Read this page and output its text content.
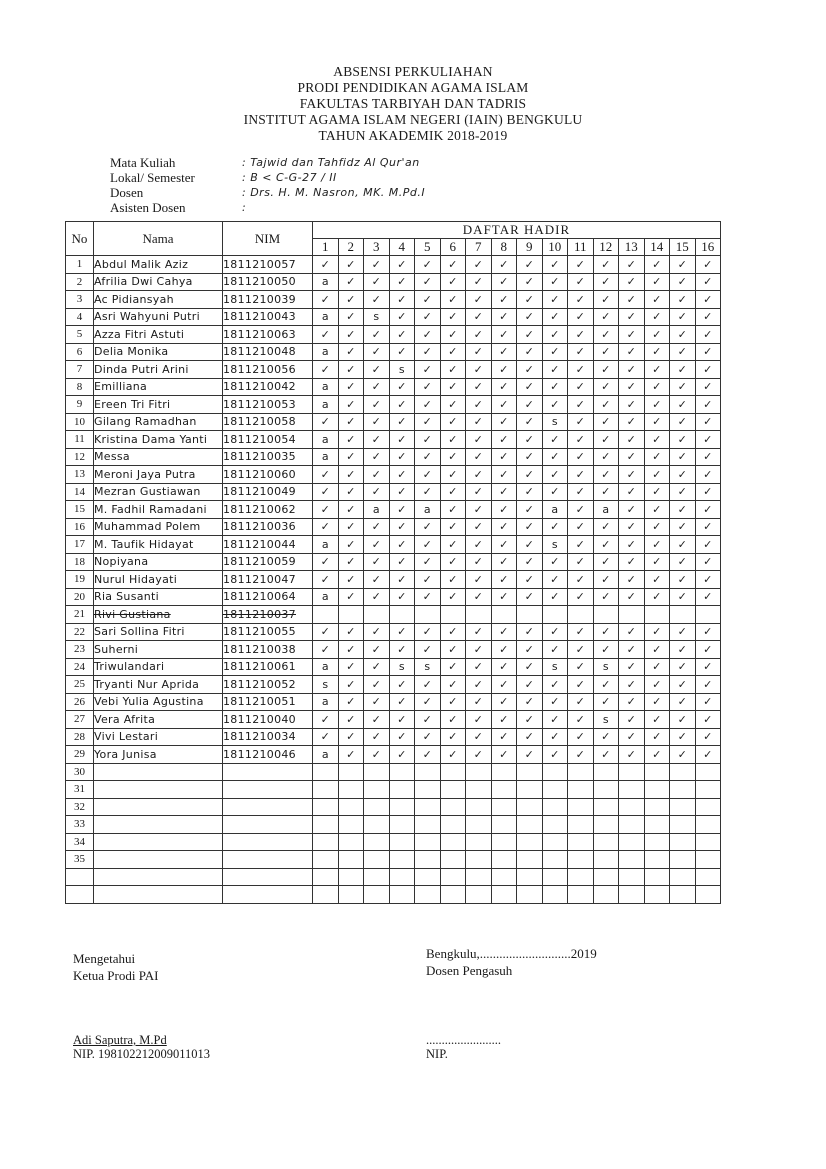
ABSENSI PERKULIAHAN
PRODI PENDIDIKAN AGAMA ISLAM
FAKULTAS TARBIYAH DAN TADRIS
INSTITUT AGAMA ISLAM NEGERI (IAIN) BENGKULU
TAHUN AKADEMIK 2018-2019
Mata Kuliah	: Tajwid dan Tahfidz Al Qur'an
Lokal/ Semester	: B < C-G-27 / II
Dosen	: Drs. H. M. Nasron, MK. M.Pd.I
Asisten Dosen	:
No	Nama	NIM	DAFTAR HADIR															
			1	2	3	4	5	6	7	8	9	10	11	12	13	14	15	16
1	Abdul Malik Aziz	1811210057	✓	✓	✓	✓	✓	✓	✓	✓	✓	✓	✓	✓	✓	✓	✓	✓
2	Afrilia Dwi Cahya	1811210050	a	✓	✓	✓	✓	✓	✓	✓	✓	✓	✓	✓	✓	✓	✓	✓
3	Ac Pidiansyah	1811210039	✓	✓	✓	✓	✓	✓	✓	✓	✓	✓	✓	✓	✓	✓	✓	✓
4	Asri Wahyuni Putri	1811210043	a	✓	s	✓	✓	✓	✓	✓	✓	✓	✓	✓	✓	✓	✓	✓
5	Azza Fitri Astuti	1811210063	✓	✓	✓	✓	✓	✓	✓	✓	✓	✓	✓	✓	✓	✓	✓	✓
6	Delia Monika	1811210048	a	✓	✓	✓	✓	✓	✓	✓	✓	✓	✓	✓	✓	✓	✓	✓
7	Dinda Putri Arini	1811210056	✓	✓	✓	s	✓	✓	✓	✓	✓	✓	✓	✓	✓	✓	✓	✓
8	Emilliana	1811210042	a	✓	✓	✓	✓	✓	✓	✓	✓	✓	✓	✓	✓	✓	✓	✓
9	Ereen Tri Fitri	1811210053	a	✓	✓	✓	✓	✓	✓	✓	✓	✓	✓	✓	✓	✓	✓	✓
10	Gilang Ramadhan	1811210058	✓	✓	✓	✓	✓	✓	✓	✓	✓	s	✓	✓	✓	✓	✓	✓
11	Kristina Dama Yanti	1811210054	a	✓	✓	✓	✓	✓	✓	✓	✓	✓	✓	✓	✓	✓	✓	✓
12	Messa	1811210035	a	✓	✓	✓	✓	✓	✓	✓	✓	✓	✓	✓	✓	✓	✓	✓
13	Meroni Jaya Putra	1811210060	✓	✓	✓	✓	✓	✓	✓	✓	✓	✓	✓	✓	✓	✓	✓	✓
14	Mezran Gustiawan	1811210049	✓	✓	✓	✓	✓	✓	✓	✓	✓	✓	✓	✓	✓	✓	✓	✓
15	M. Fadhil Ramadani	1811210062	✓	✓	a	✓	a	✓	✓	✓	✓	a	✓	a	✓	✓	✓	✓
16	Muhammad Polem	1811210036	✓	✓	✓	✓	✓	✓	✓	✓	✓	✓	✓	✓	✓	✓	✓	✓
17	M. Taufik Hidayat	1811210044	a	✓	✓	✓	✓	✓	✓	✓	✓	s	✓	✓	✓	✓	✓	✓
18	Nopiyana	1811210059	✓	✓	✓	✓	✓	✓	✓	✓	✓	✓	✓	✓	✓	✓	✓	✓
19	Nurul Hidayati	1811210047	✓	✓	✓	✓	✓	✓	✓	✓	✓	✓	✓	✓	✓	✓	✓	✓
20	Ria Susanti	1811210064	a	✓	✓	✓	✓	✓	✓	✓	✓	✓	✓	✓	✓	✓	✓	✓
21	Rivi Gustiana	1811210037																
22	Sari Sollina Fitri	1811210055	✓	✓	✓	✓	✓	✓	✓	✓	✓	✓	✓	✓	✓	✓	✓	✓
23	Suherni	1811210038	✓	✓	✓	✓	✓	✓	✓	✓	✓	✓	✓	✓	✓	✓	✓	✓
24	Triwulandari	1811210061	a	✓	✓	s	s	✓	✓	✓	✓	s	✓	s	✓	✓	✓	✓
25	Tryanti Nur Aprida	1811210052	s	✓	✓	✓	✓	✓	✓	✓	✓	✓	✓	✓	✓	✓	✓	✓
26	Vebi Yulia Agustina	1811210051	a	✓	✓	✓	✓	✓	✓	✓	✓	✓	✓	✓	✓	✓	✓	✓
27	Vera Afrita	1811210040	✓	✓	✓	✓	✓	✓	✓	✓	✓	✓	✓	s	✓	✓	✓	✓
28	Vivi Lestari	1811210034	✓	✓	✓	✓	✓	✓	✓	✓	✓	✓	✓	✓	✓	✓	✓	✓
29	Yora Junisa	1811210046	a	✓	✓	✓	✓	✓	✓	✓	✓	✓	✓	✓	✓	✓	✓	✓
30																		
31																		
32																		
33																		
34																		
35																		

Mengetahui
Ketua Prodi PAI
Bengkulu,............................2019
Dosen Pengasuh
Adi Saputra, M.Pd
NIP. 198102212009011013
........................
NIP.
